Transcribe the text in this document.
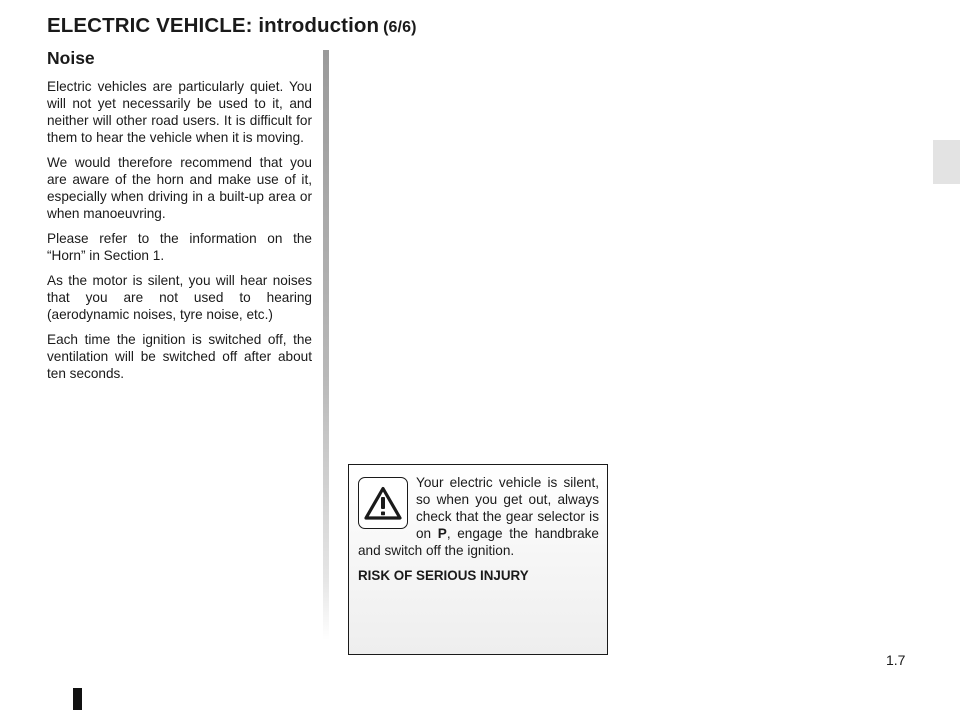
ELECTRIC VEHICLE: introduction (6/6)
Noise

Electric vehicles are particularly quiet. You will not yet necessarily be used to it, and neither will other road users. It is difficult for them to hear the vehicle when it is moving.

We would therefore recommend that you are aware of the horn and make use of it, especially when driving in a built-up area or when manoeuvring.

Please refer to the information on the “Horn” in Section 1.

As the motor is silent, you will hear noises that you are not used to hearing (aerodynamic noises, tyre noise, etc.)

Each time the ignition is switched off, the ventilation will be switched off after about ten seconds.

Your electric vehicle is silent, so when you get out, always check that the gear selector is on P, engage the handbrake and switch off the ignition.

RISK OF SERIOUS INJURY

1.7
